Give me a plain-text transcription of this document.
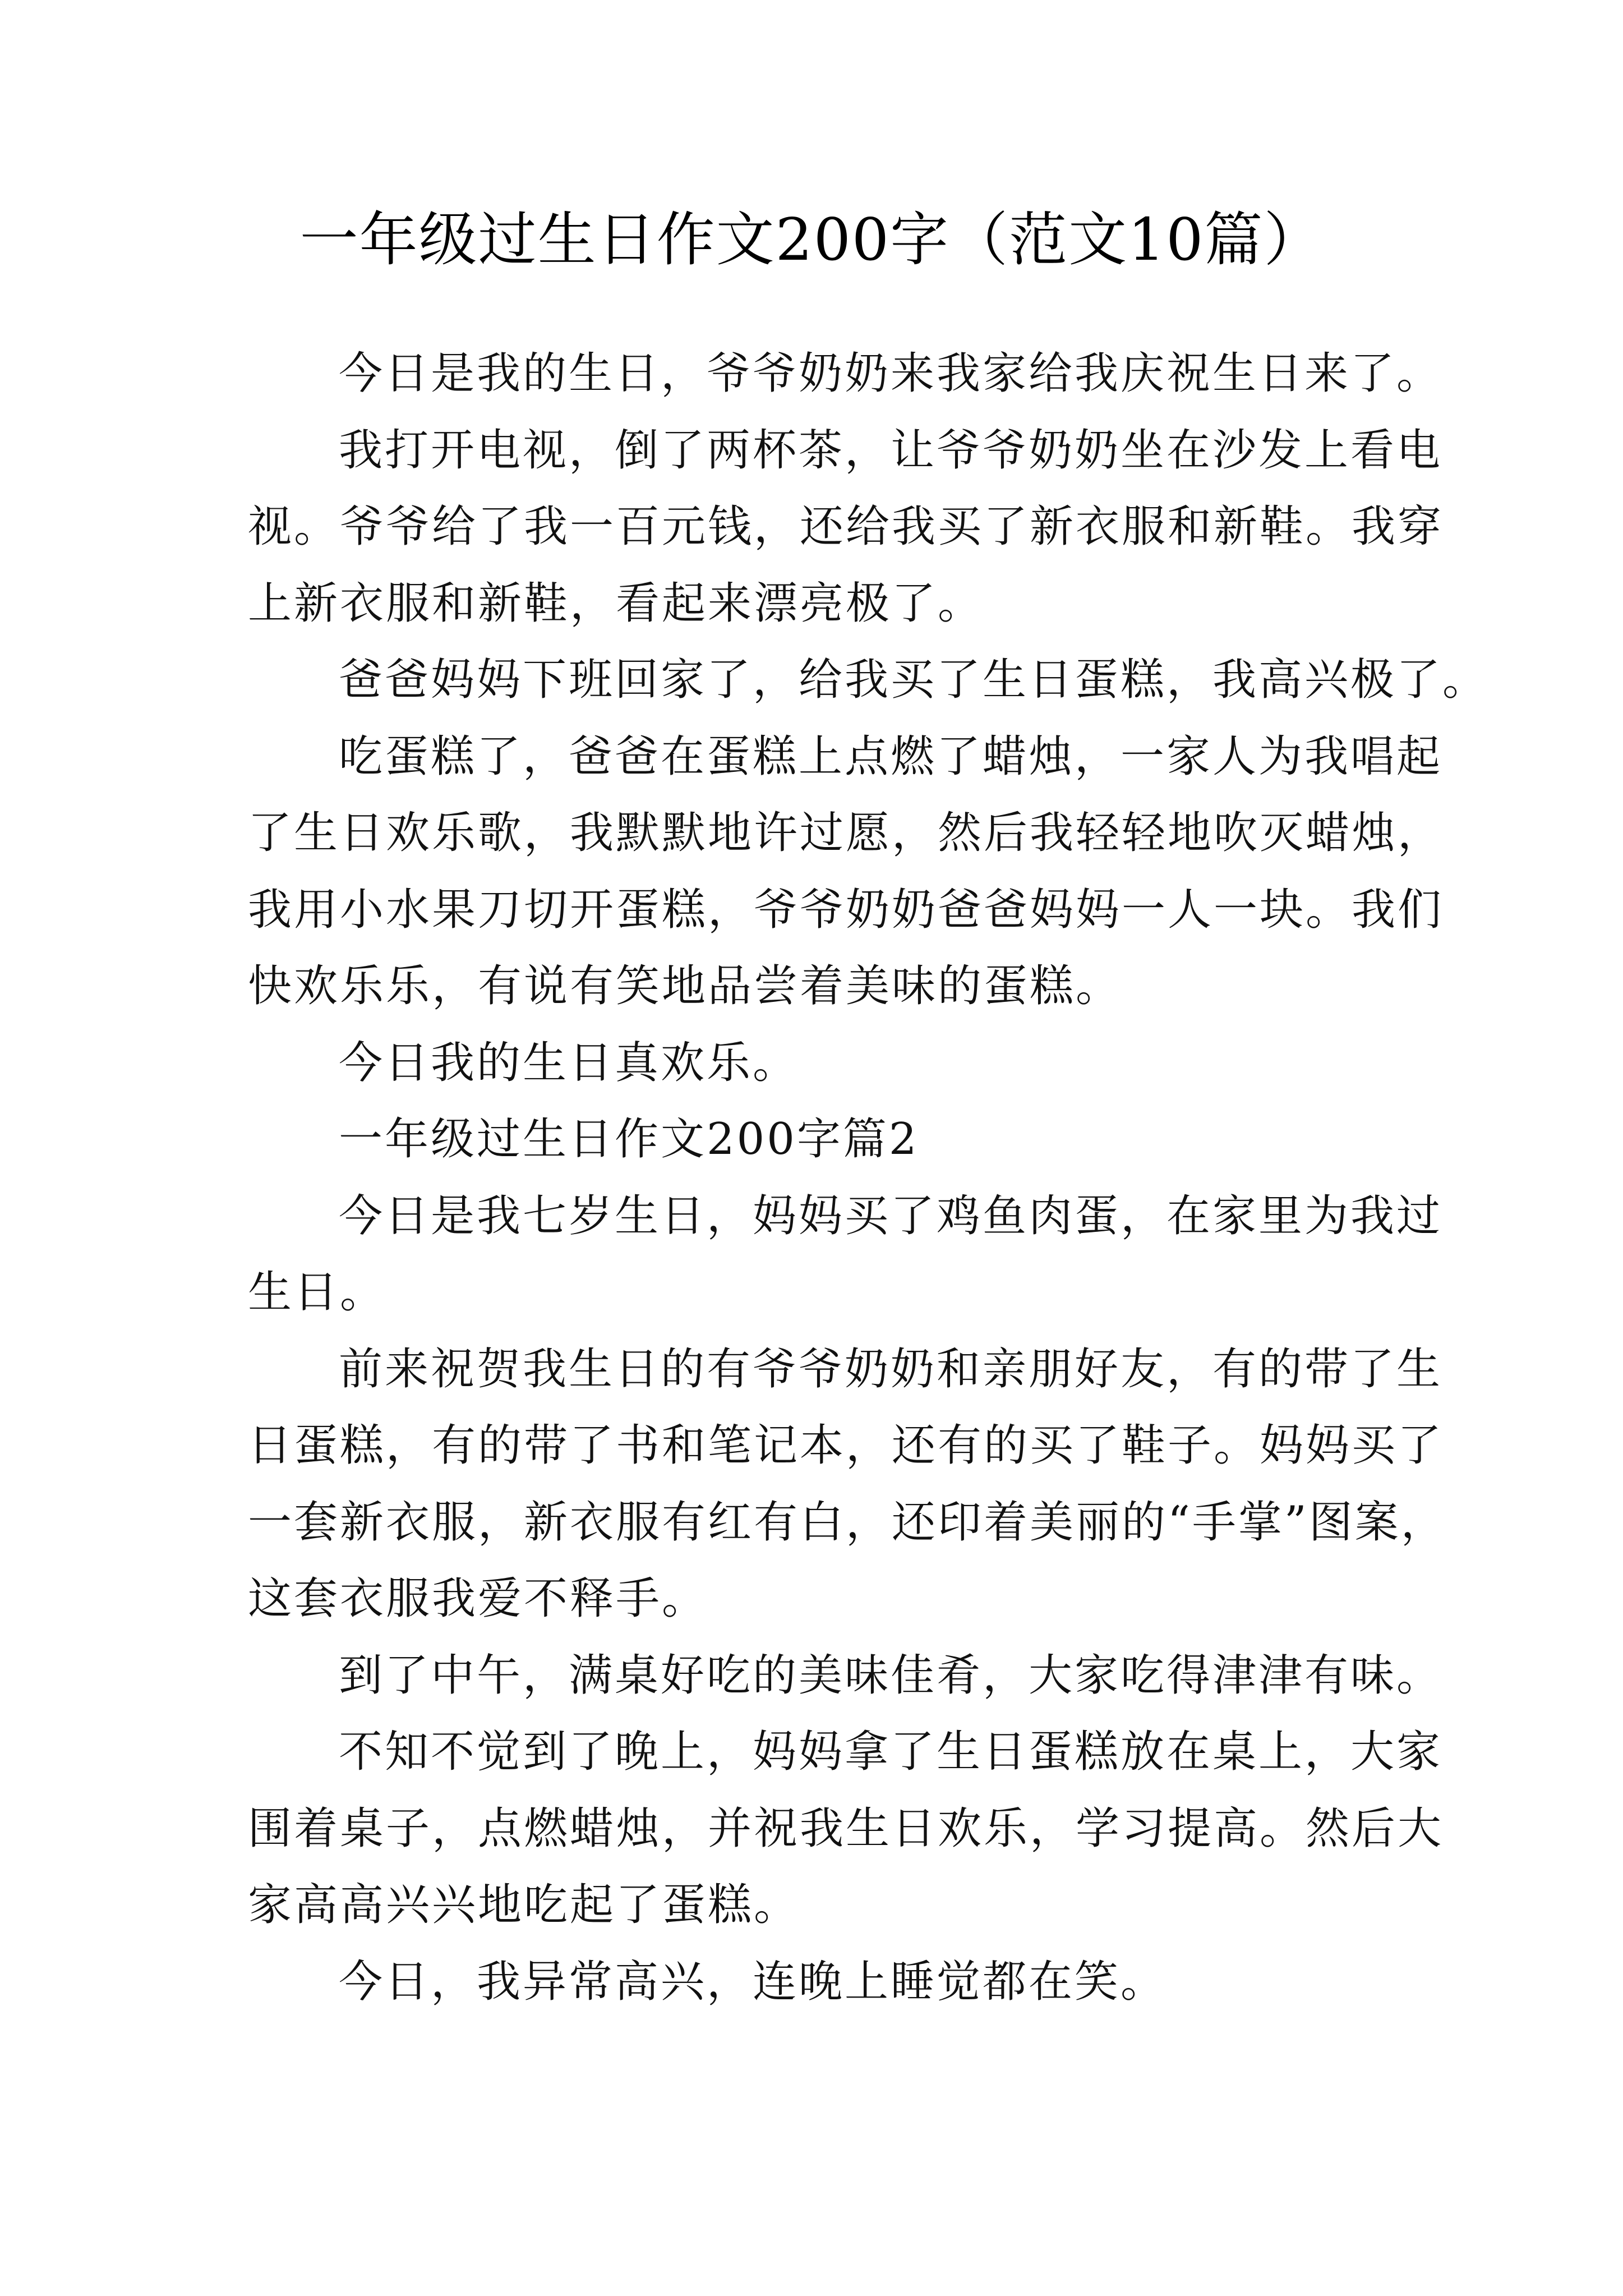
一年级过生日作文200字（范文10篇）
今日是我的生日，爷爷奶奶来我家给我庆祝生日来了。
我打开电视，倒了两杯茶，让爷爷奶奶坐在沙发上看电
视。爷爷给了我一百元钱，还给我买了新衣服和新鞋。我穿
上新衣服和新鞋，看起来漂亮极了。
爸爸妈妈下班回家了，给我买了生日蛋糕，我高兴极了。
吃蛋糕了，爸爸在蛋糕上点燃了蜡烛，一家人为我唱起
了生日欢乐歌，我默默地许过愿，然后我轻轻地吹灭蜡烛，
我用小水果刀切开蛋糕，爷爷奶奶爸爸妈妈一人一块。我们
快欢乐乐，有说有笑地品尝着美味的蛋糕。
今日我的生日真欢乐。
一年级过生日作文200字篇2
今日是我七岁生日，妈妈买了鸡鱼肉蛋，在家里为我过
生日。
前来祝贺我生日的有爷爷奶奶和亲朋好友，有的带了生
日蛋糕，有的带了书和笔记本，还有的买了鞋子。妈妈买了
一套新衣服，新衣服有红有白，还印着美丽的“手掌”图案，
这套衣服我爱不释手。
到了中午，满桌好吃的美味佳肴，大家吃得津津有味。
不知不觉到了晚上，妈妈拿了生日蛋糕放在桌上，大家
围着桌子，点燃蜡烛，并祝我生日欢乐，学习提高。然后大
家高高兴兴地吃起了蛋糕。
今日，我异常高兴，连晚上睡觉都在笑。
